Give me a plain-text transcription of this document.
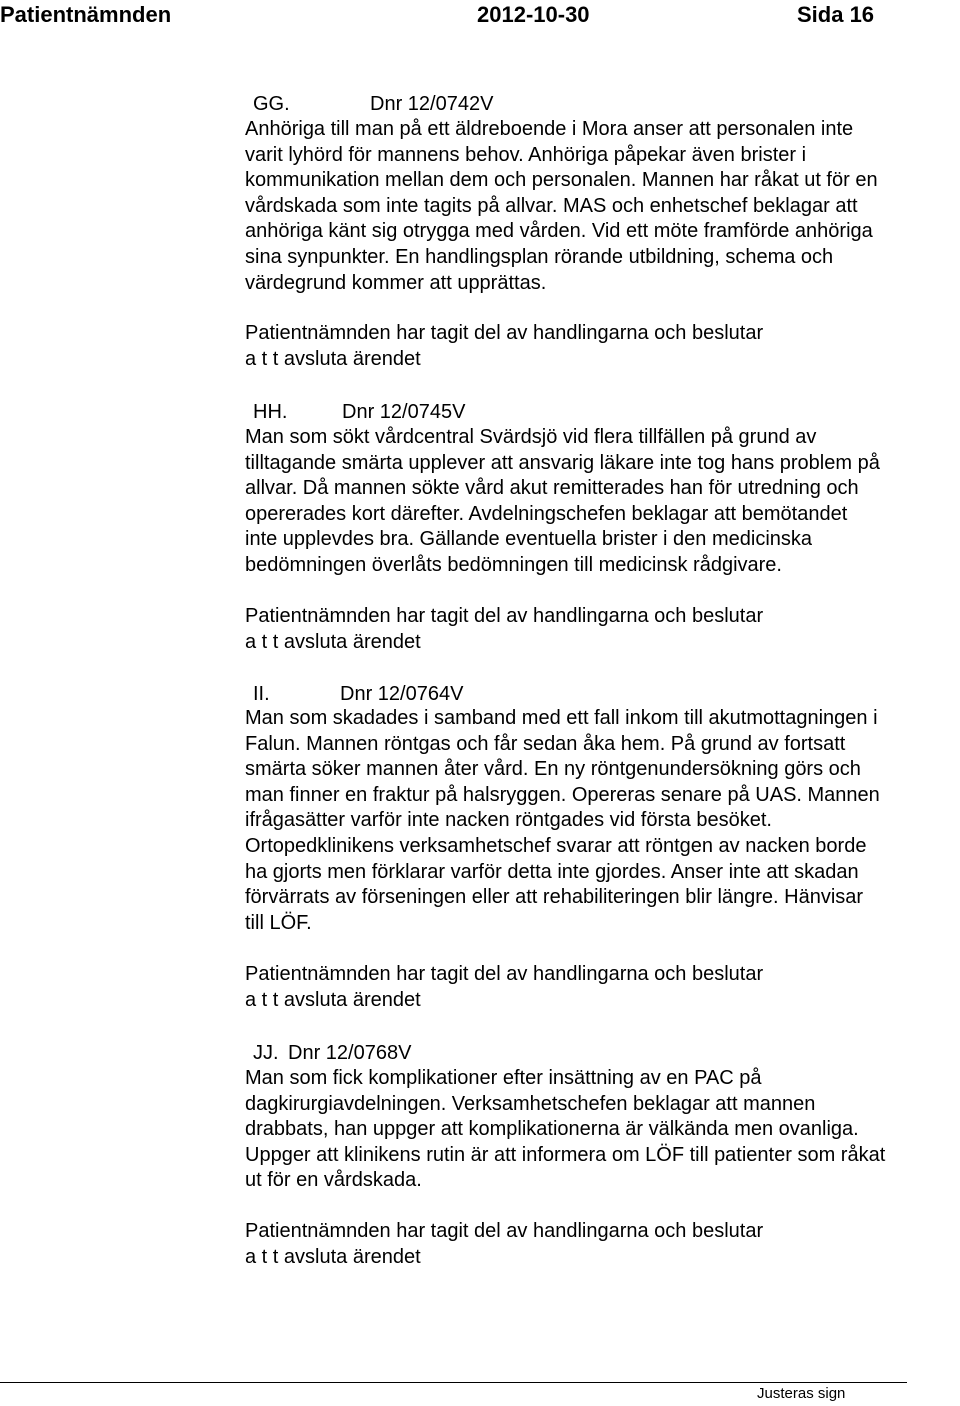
Patientnämnden	2012-10-30	Sida 16
GG.	Dnr 12/0742V

Anhöriga till man på ett äldreboende i Mora anser att personalen inte
varit lyhörd för mannens behov. Anhöriga påpekar även brister i
kommunikation mellan dem och personalen. Mannen har råkat ut för en
vårdskada som inte tagits på allvar. MAS och enhetschef beklagar att
anhöriga känt sig otrygga med vården. Vid ett möte framförde anhöriga
sina synpunkter. En handlingsplan rörande utbildning, schema och
värdegrund kommer att upprättas.

Patientnämnden har tagit del av handlingarna och beslutar
a t t avsluta ärendet

HH.	Dnr 12/0745V

Man som sökt vårdcentral Svärdsjö vid flera tillfällen på grund av
tilltagande smärta upplever att ansvarig läkare inte tog hans problem på
allvar. Då mannen sökte vård akut remitterades han för utredning och
opererades kort därefter. Avdelningschefen beklagar att bemötandet
inte upplevdes bra. Gällande eventuella brister i den medicinska
bedömningen överlåts bedömningen till medicinsk rådgivare.

Patientnämnden har tagit del av handlingarna och beslutar
a t t avsluta ärendet

II.	Dnr 12/0764V

Man som skadades i samband med ett fall inkom till akutmottagningen i
Falun. Mannen röntgas och får sedan åka hem. På grund av fortsatt
smärta söker mannen åter vård. En ny röntgenundersökning görs och
man finner en fraktur på halsryggen. Opereras senare på UAS. Mannen
ifrågasätter varför inte nacken röntgades vid första besöket.
Ortopedklinikens verksamhetschef svarar att röntgen av nacken borde
ha gjorts men förklarar varför detta inte gjordes. Anser inte att skadan
förvärrats av förseningen eller att rehabiliteringen blir längre. Hänvisar
till LÖF.

Patientnämnden har tagit del av handlingarna och beslutar
a t t avsluta ärendet

JJ. Dnr 12/0768V

Man som fick komplikationer efter insättning av en PAC på
dagkirurgiavdelningen. Verksamhetschefen beklagar att mannen
drabbats, han uppger att komplikationerna är välkända men ovanliga.
Uppger att klinikens rutin är att informera om LÖF till patienter som råkat
ut för en vårdskada.

Patientnämnden har tagit del av handlingarna och beslutar
a t t avsluta ärendet

Justeras sign
